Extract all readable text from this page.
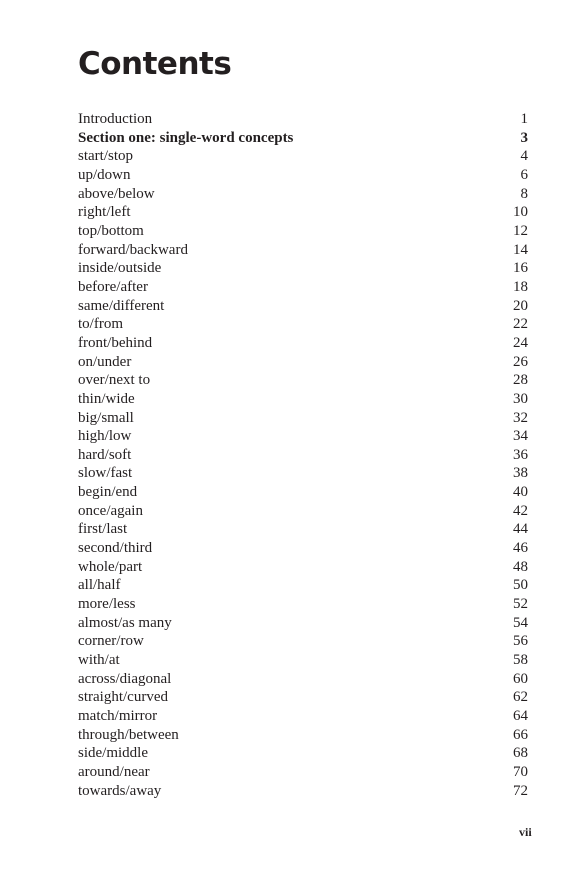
Contents
Introduction	1
Section one: single-word concepts	3
start/stop	4
up/down	6
above/below	8
right/left	10
top/bottom	12
forward/backward	14
inside/outside	16
before/after	18
same/different	20
to/from	22
front/behind	24
on/under	26
over/next to	28
thin/wide	30
big/small	32
high/low	34
hard/soft	36
slow/fast	38
begin/end	40
once/again	42
first/last	44
second/third	46
whole/part	48
all/half	50
more/less	52
almost/as many	54
corner/row	56
with/at	58
across/diagonal	60
straight/curved	62
match/mirror	64
through/between	66
side/middle	68
around/near	70
towards/away	72
vii
